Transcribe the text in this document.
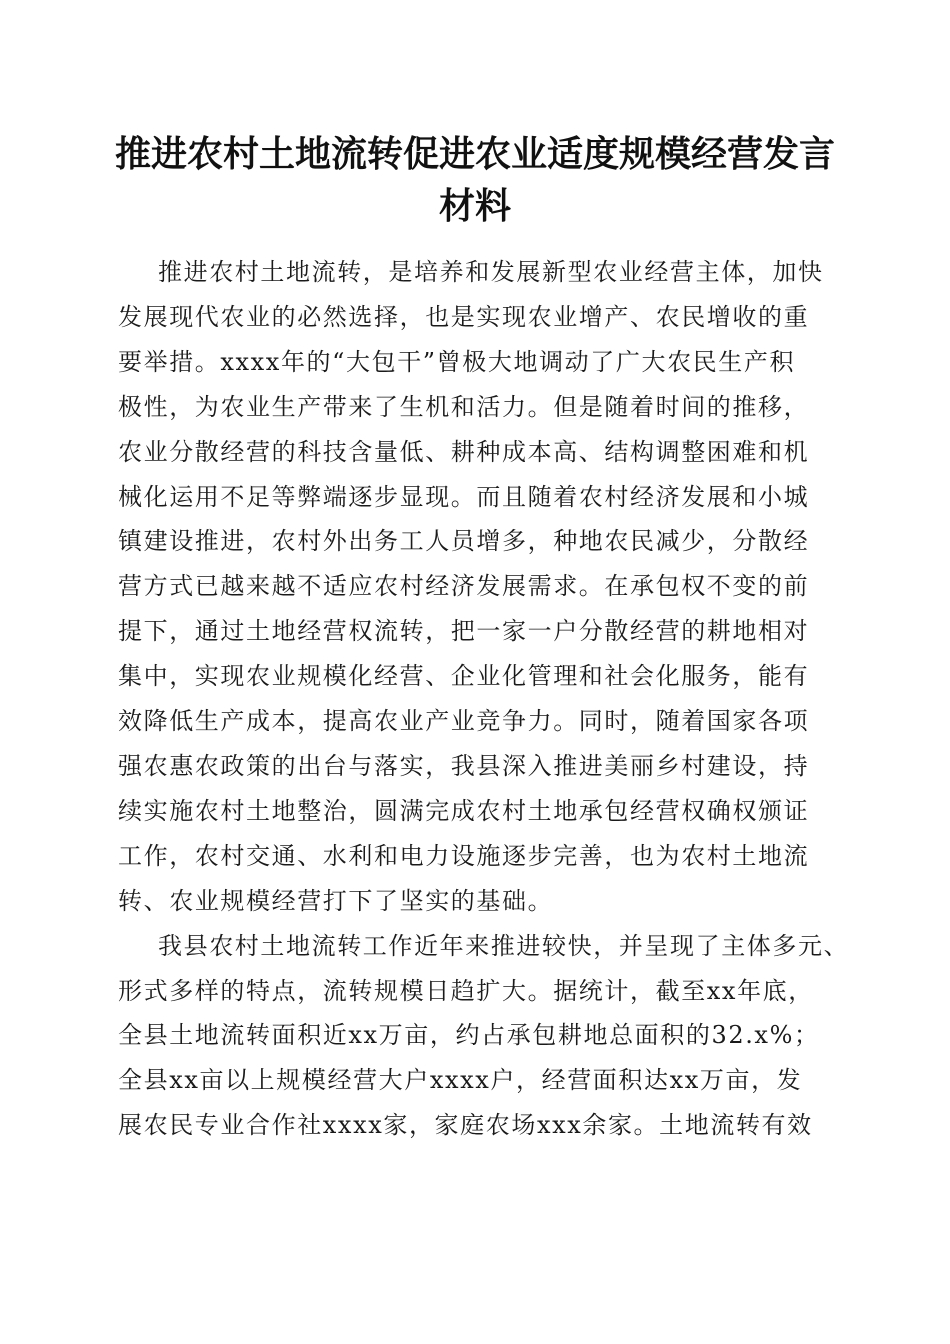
推进农村土地流转促进农业适度规模经营发言
材料
推进农村土地流转，是培养和发展新型农业经营主体，加快
发展现代农业的必然选择，也是实现农业增产、农民增收的重
要举措。xxxx年的“大包干”曾极大地调动了广大农民生产积
极性，为农业生产带来了生机和活力。但是随着时间的推移，
农业分散经营的科技含量低、耕种成本高、结构调整困难和机
械化运用不足等弊端逐步显现。而且随着农村经济发展和小城
镇建设推进，农村外出务工人员增多，种地农民减少，分散经
营方式已越来越不适应农村经济发展需求。在承包权不变的前
提下，通过土地经营权流转，把一家一户分散经营的耕地相对
集中，实现农业规模化经营、企业化管理和社会化服务，能有
效降低生产成本，提高农业产业竞争力。同时，随着国家各项
强农惠农政策的出台与落实，我县深入推进美丽乡村建设，持
续实施农村土地整治，圆满完成农村土地承包经营权确权颁证
工作，农村交通、水利和电力设施逐步完善，也为农村土地流
转、农业规模经营打下了坚实的基础。
我县农村土地流转工作近年来推进较快，并呈现了主体多元、
形式多样的特点，流转规模日趋扩大。据统计，截至xx年底，
全县土地流转面积近xx万亩，约占承包耕地总面积的32.x%；
全县xx亩以上规模经营大户xxxx户，经营面积达xx万亩，发
展农民专业合作社xxxx家，家庭农场xxx余家。土地流转有效
